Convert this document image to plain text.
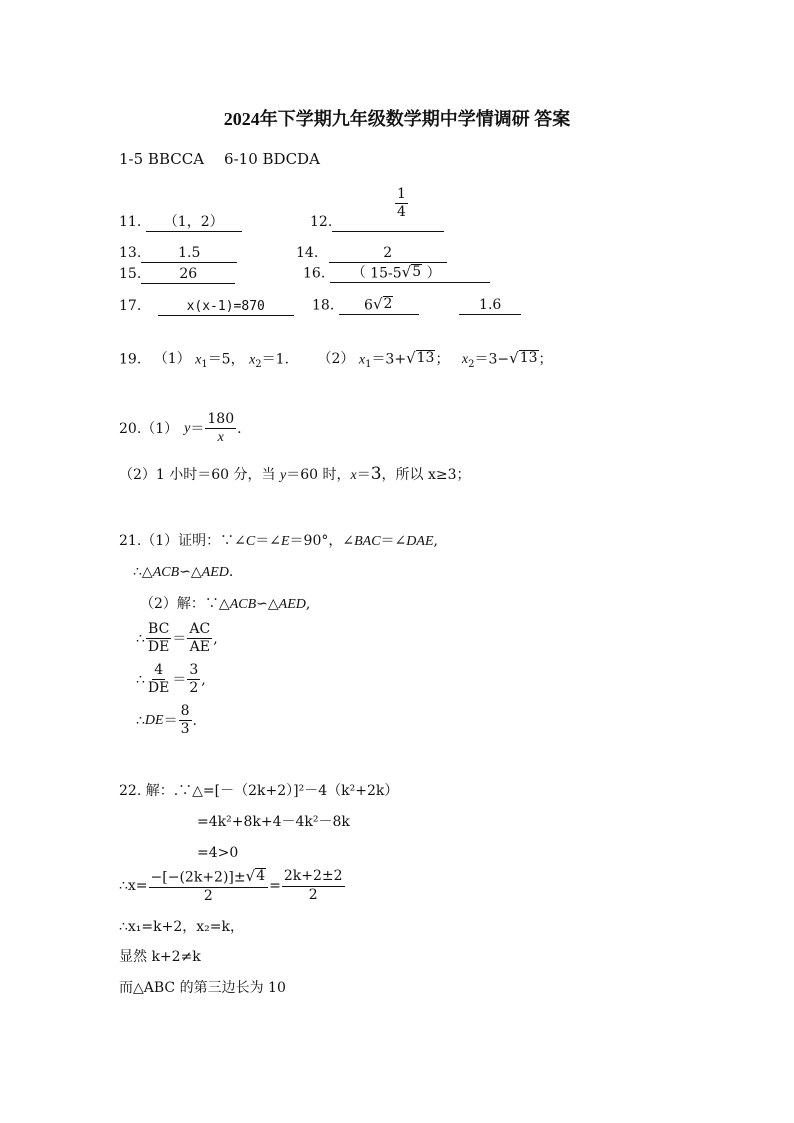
2024年下学期九年级数学期中学情调研 答案
1-5 BBCCA 6-10 BDCDA
11. （1，2）	12.
$\frac{1}{4}$
13.	1.5	14.	2
15.	26	16. （ 15-5 √ 5 ）
17.	x(x-1)=870	18. 6 √ 2	1.6
19. （1） $x_1=5$， $x_2=1$. （2） $x_1=3+$ √ 13 ； $x_2=3-$ √ 13 ；
20.（1） $y = \frac{180}{x}$ .
（2）1 小时＝60 分，当 y＝60 时，x＝3，所以 x≥3；
21.（1）证明：∵∠C＝∠E＝90°，∠BAC＝∠DAE,
∴△ACB∽△AED.
（2）解：∵△ACB∽△AED,
∴ $\frac{BC}{DE} = \frac{AC}{AE}$ ,
∴ $\frac{4}{DE} = \frac{3}{2}$ ,
∴ DE ＝ $\frac{8}{3}$ .
22. 解：.∵△=[－（2k+2）]²－4（k²+2k）
=4k²+8k+4－4k²－8k
=4>0
∴x= $\frac{-[-(2k+2)]\pm √ 4}{2} = \frac{2k+2\pm 2}{2}$
∴x₁=k+2，x₂=k，
显然 k+2≠k
而△ABC 的第三边长为 10
